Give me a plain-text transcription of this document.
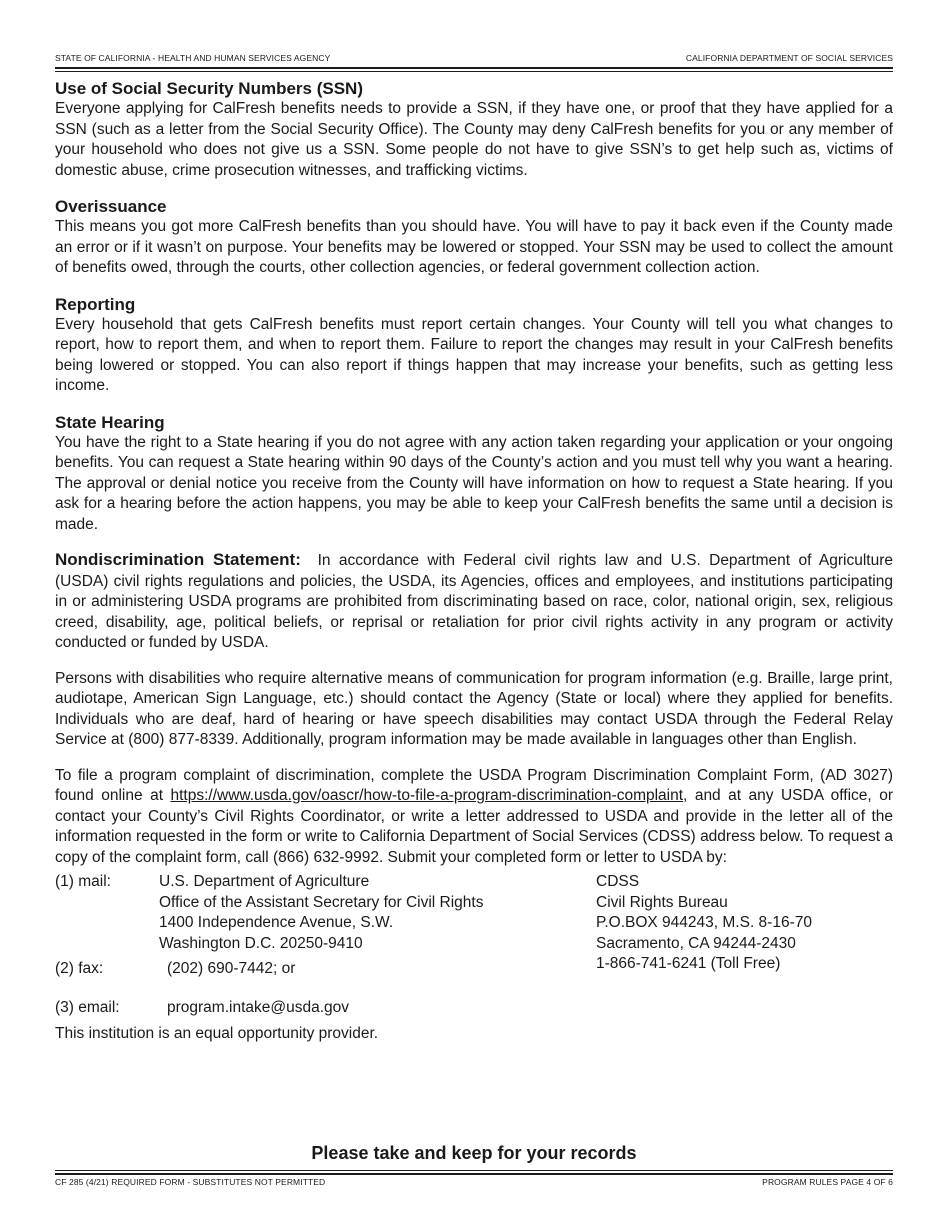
STATE OF CALIFORNIA - HEALTH AND HUMAN SERVICES AGENCY	CALIFORNIA DEPARTMENT OF SOCIAL SERVICES
Use of Social Security Numbers (SSN)
Everyone applying for CalFresh benefits needs to provide a SSN, if they have one, or proof that they have applied for a SSN (such as a letter from the Social Security Office). The County may deny CalFresh benefits for you or any member of your household who does not give us a SSN. Some people do not have to give SSN’s to get help such as, victims of domestic abuse, crime prosecution witnesses, and trafficking victims.
Overissuance
This means you got more CalFresh benefits than you should have. You will have to pay it back even if the County made an error or if it wasn’t on purpose. Your benefits may be lowered or stopped. Your SSN may be used to collect the amount of benefits owed, through the courts, other collection agencies, or federal government collection action.
Reporting
Every household that gets CalFresh benefits must report certain changes. Your County will tell you what changes to report, how to report them, and when to report them. Failure to report the changes may result in your CalFresh benefits being lowered or stopped. You can also report if things happen that may increase your benefits, such as getting less income.
State Hearing
You have the right to a State hearing if you do not agree with any action taken regarding your application or your ongoing benefits. You can request a State hearing within 90 days of the County’s action and you must tell why you want a hearing. The approval or denial notice you receive from the County will have information on how to request a State hearing. If you ask for a hearing before the action happens, you may be able to keep your CalFresh benefits the same until a decision is made.

Nondiscrimination Statement: In accordance with Federal civil rights law and U.S. Department of Agriculture (USDA) civil rights regulations and policies, the USDA, its Agencies, offices and employees, and institutions participating in or administering USDA programs are prohibited from discriminating based on race, color, national origin, sex, religious creed, disability, age, political beliefs, or reprisal or retaliation for prior civil rights activity in any program or activity conducted or funded by USDA.

Persons with disabilities who require alternative means of communication for program information (e.g. Braille, large print, audiotape, American Sign Language, etc.) should contact the Agency (State or local) where they applied for benefits. Individuals who are deaf, hard of hearing or have speech disabilities may contact USDA through the Federal Relay Service at (800) 877-8339. Additionally, program information may be made available in languages other than English.

To file a program complaint of discrimination, complete the USDA Program Discrimination Complaint Form, (AD 3027) found online at https://www.usda.gov/oascr/how-to-file-a-program-discrimination-complaint, and at any USDA office, or contact your County’s Civil Rights Coordinator, or write a letter addressed to USDA and provide in the letter all of the information requested in the form or write to California Department of Social Services (CDSS) address below. To request a copy of the complaint form, call (866) 632-9992. Submit your completed form or letter to USDA by:

(1) mail:	U.S. Department of Agriculture
Office of the Assistant Secretary for Civil Rights
1400 Independence Avenue, S.W.
Washington D.C. 20250-9410
CDSS
Civil Rights Bureau
P.O.BOX 944243, M.S. 8-16-70
Sacramento, CA 94244-2430
1-866-741-6241 (Toll Free)
(2) fax:	(202) 690-7442; or
(3) email:	program.intake@usda.gov
This institution is an equal opportunity provider.
Please take and keep for your records
CF 285 (4/21) REQUIRED FORM - SUBSTITUTES NOT PERMITTED	PROGRAM RULES PAGE 4 OF 6
